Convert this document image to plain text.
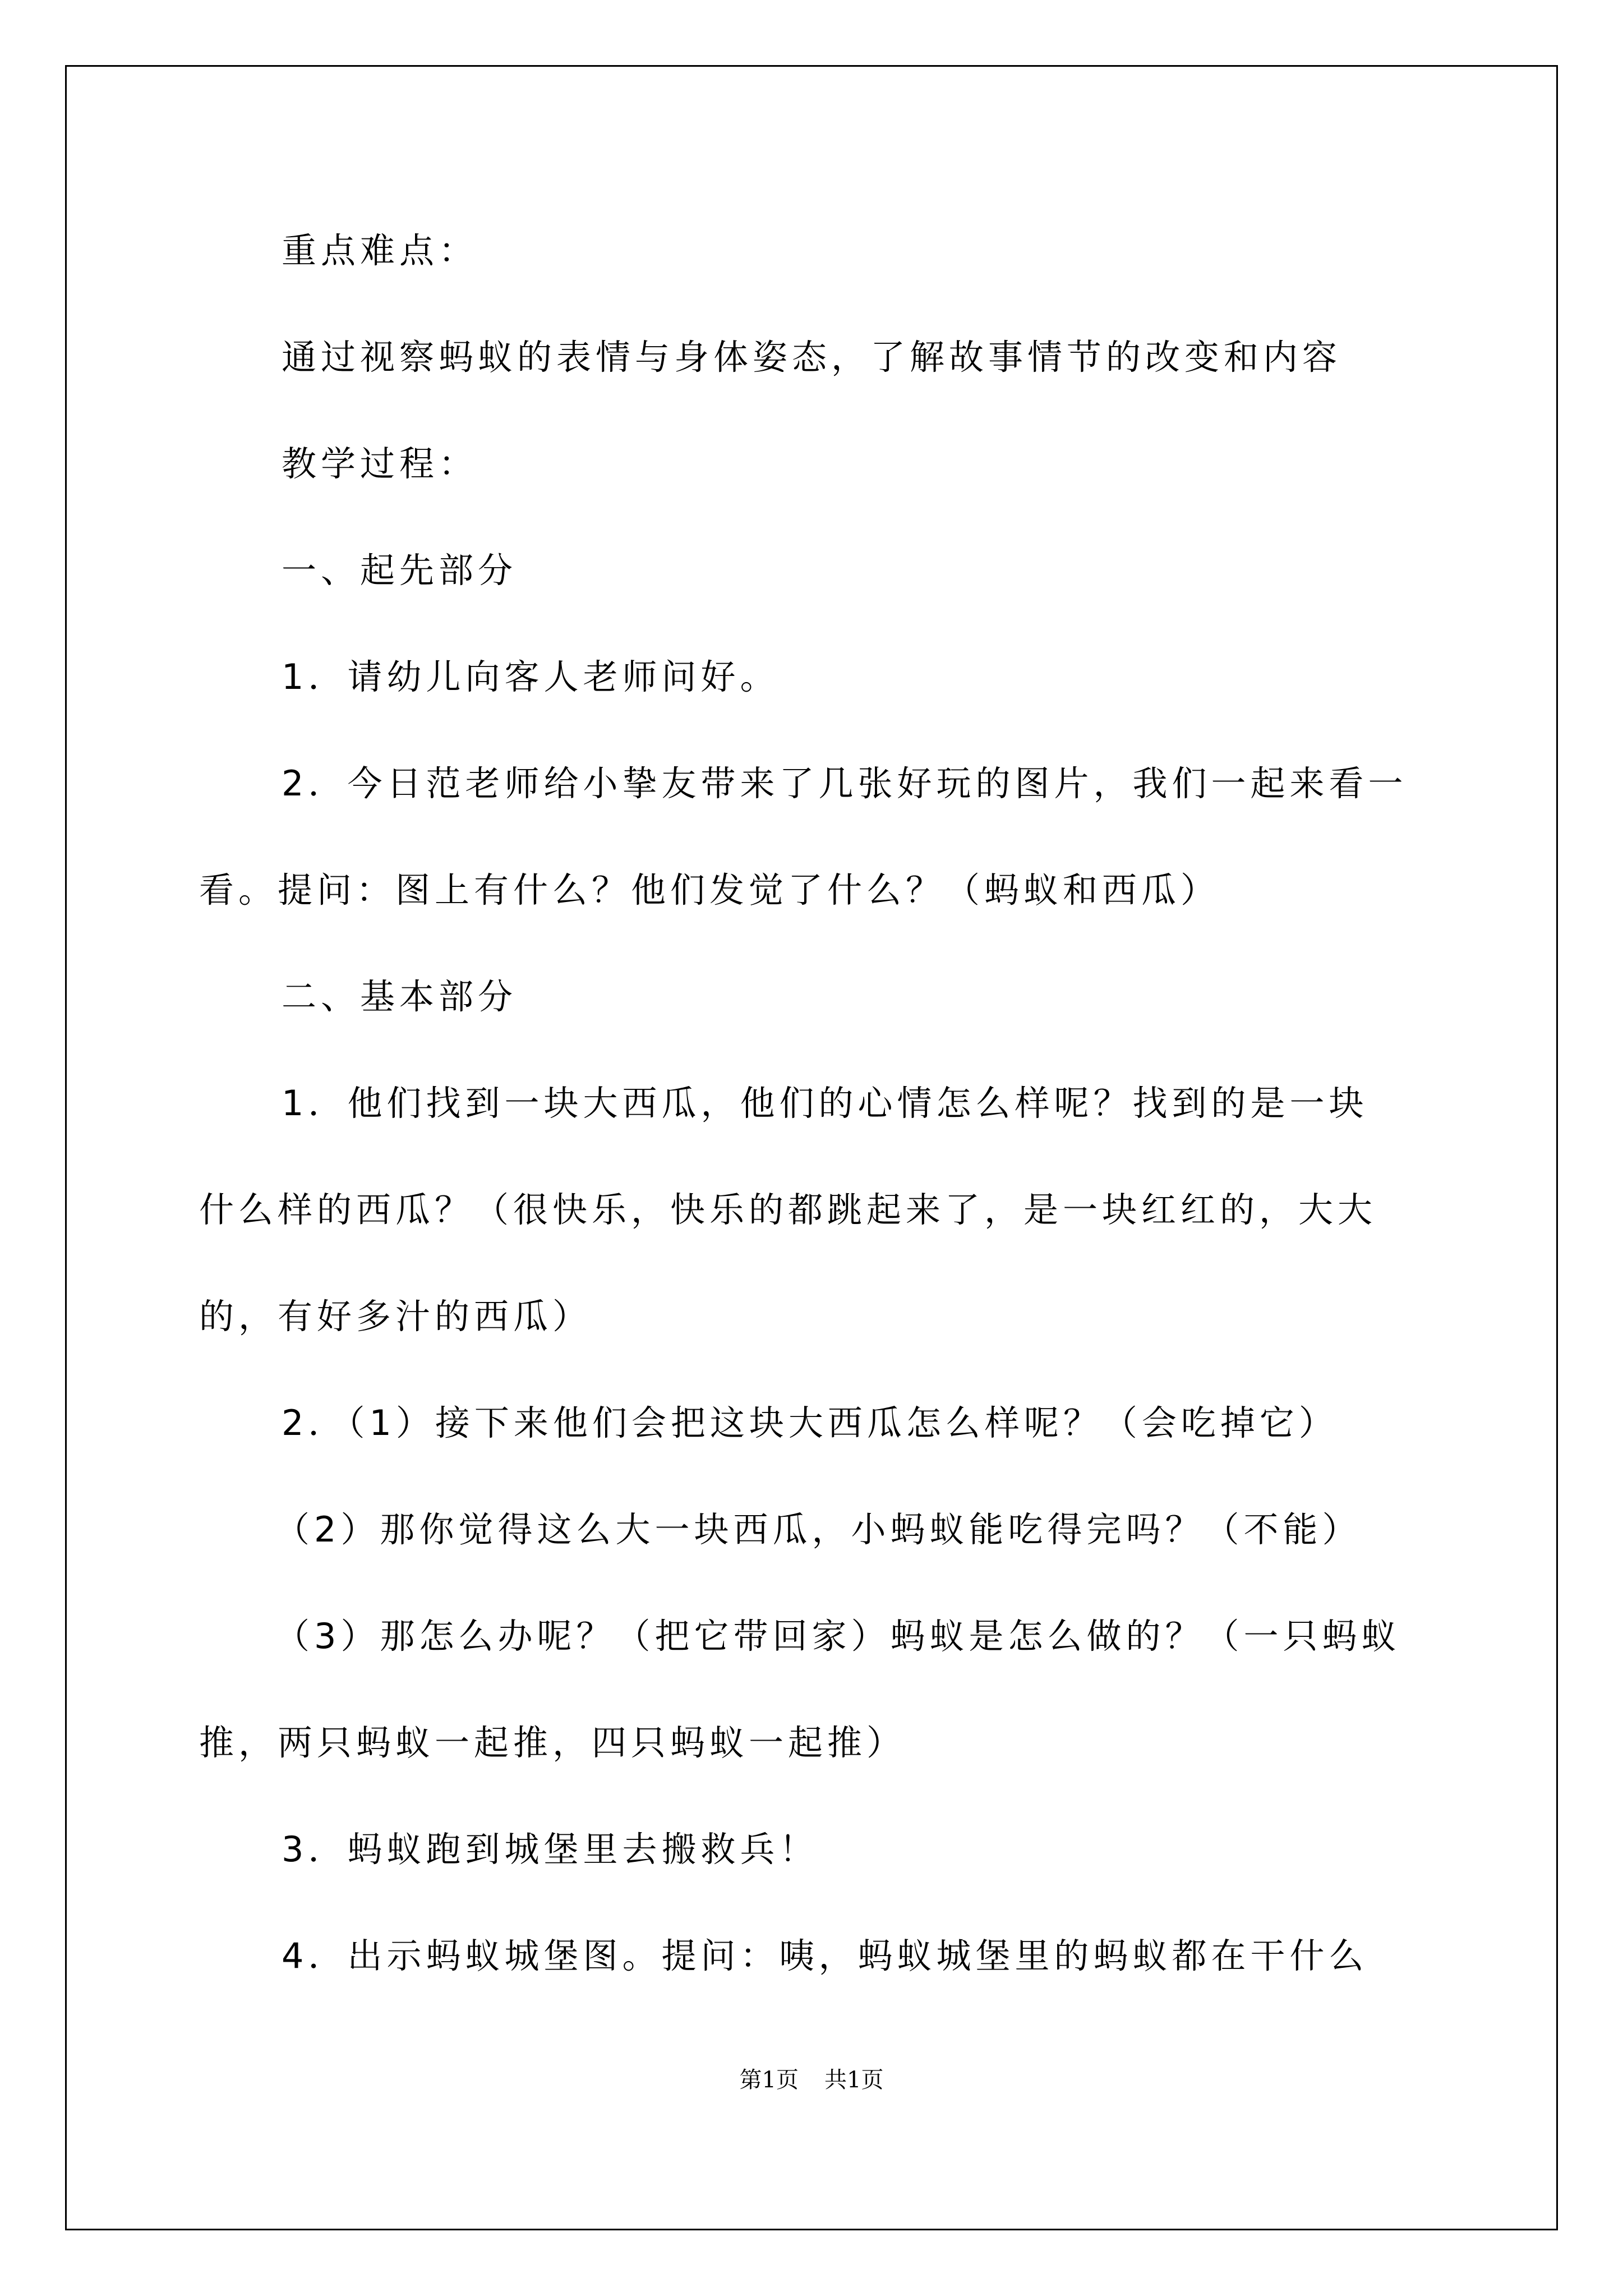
重点难点：
通过视察蚂蚁的表情与身体姿态，了解故事情节的改变和内容
教学过程：
一、起先部分
1．请幼儿向客人老师问好。
2．今日范老师给小挚友带来了几张好玩的图片，我们一起来看一
看。提问：图上有什么？他们发觉了什么？（蚂蚁和西瓜）
二、基本部分
1．他们找到一块大西瓜，他们的心情怎么样呢？找到的是一块
什么样的西瓜？（很快乐，快乐的都跳起来了，是一块红红的，大大
的，有好多汁的西瓜）
2．（1）接下来他们会把这块大西瓜怎么样呢？（会吃掉它）
（2）那你觉得这么大一块西瓜，小蚂蚁能吃得完吗？（不能）
（3）那怎么办呢？（把它带回家）蚂蚁是怎么做的？（一只蚂蚁
推，两只蚂蚁一起推，四只蚂蚁一起推）
3．蚂蚁跑到城堡里去搬救兵！
4．出示蚂蚁城堡图。提问：咦，蚂蚁城堡里的蚂蚁都在干什么
第1页 共1页
